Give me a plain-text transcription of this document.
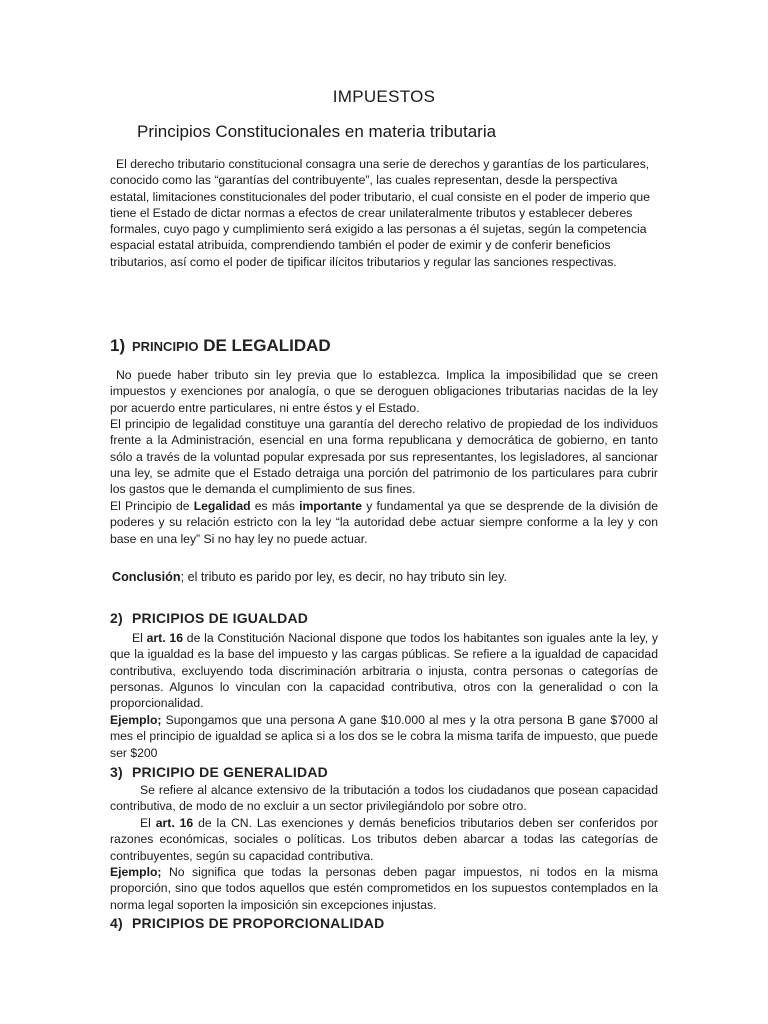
IMPUESTOS
Principios Constitucionales en materia tributaria

El derecho tributario constitucional consagra una serie de derechos y garantías de los particulares, conocido como las “garantías del contribuyente”, las cuales representan, desde la perspectiva estatal, limitaciones constitucionales del poder tributario, el cual consiste en el poder de imperio que tiene el Estado de dictar normas a efectos de crear unilateralmente tributos y establecer deberes formales, cuyo pago y cumplimiento será exigido a las personas a él sujetas, según la competencia espacial estatal atribuida, comprendiendo también el poder de eximir y de conferir beneficios tributarios, así como el poder de tipificar ilícitos tributarios y regular las sanciones respectivas.

1) PRINCIPIO DE LEGALIDAD

No puede haber tributo sin ley previa que lo establezca. Implica la imposibilidad que se creen impuestos y exenciones por analogía, o que se deroguen obligaciones tributarias nacidas de la ley por acuerdo entre particulares, ni entre éstos y el Estado.

El principio de legalidad constituye una garantía del derecho relativo de propiedad de los individuos frente a la Administración, esencial en una forma republicana y democrática de gobierno, en tanto sólo a través de la voluntad popular expresada por sus representantes, los legisladores, al sancionar una ley, se admite que el Estado detraiga una porción del patrimonio de los particulares para cubrir los gastos que le demanda el cumplimiento de sus fines.

El Principio de Legalidad es más importante y fundamental ya que se desprende de la división de poderes y su relación estricto con la ley “la autoridad debe actuar siempre conforme a la ley y con base en una ley” Si no hay ley no puede actuar.

Conclusión; el tributo es parido por ley, es decir, no hay tributo sin ley.

2) PRICIPIOS DE IGUALDAD

El art. 16 de la Constitución Nacional dispone que todos los habitantes son iguales ante la ley, y que la igualdad es la base del impuesto y las cargas públicas. Se refiere a la igualdad de capacidad contributiva, excluyendo toda discriminación arbitraria o injusta, contra personas o categorías de personas. Algunos lo vinculan con la capacidad contributiva, otros con la generalidad o con la proporcionalidad.

Ejemplo; Supongamos que una persona A gane $10.000 al mes y la otra persona B gane $7000 al mes el principio de igualdad se aplica si a los dos se le cobra la misma tarifa de impuesto, que puede ser $200

3) PRICIPIO DE GENERALIDAD

Se refiere al alcance extensivo de la tributación a todos los ciudadanos que posean capacidad contributiva, de modo de no excluir a un sector privilegiándolo por sobre otro.

El art. 16 de la CN. Las exenciones y demás beneficios tributarios deben ser conferidos por razones económicas, sociales o políticas. Los tributos deben abarcar a todas las categorías de contribuyentes, según su capacidad contributiva.

Ejemplo; No significa que todas la personas deben pagar impuestos, ni todos en la misma proporción, sino que todos aquellos que estén comprometidos en los supuestos contemplados en la norma legal soporten la imposición sin excepciones injustas.

4) PRICIPIOS DE PROPORCIONALIDAD
